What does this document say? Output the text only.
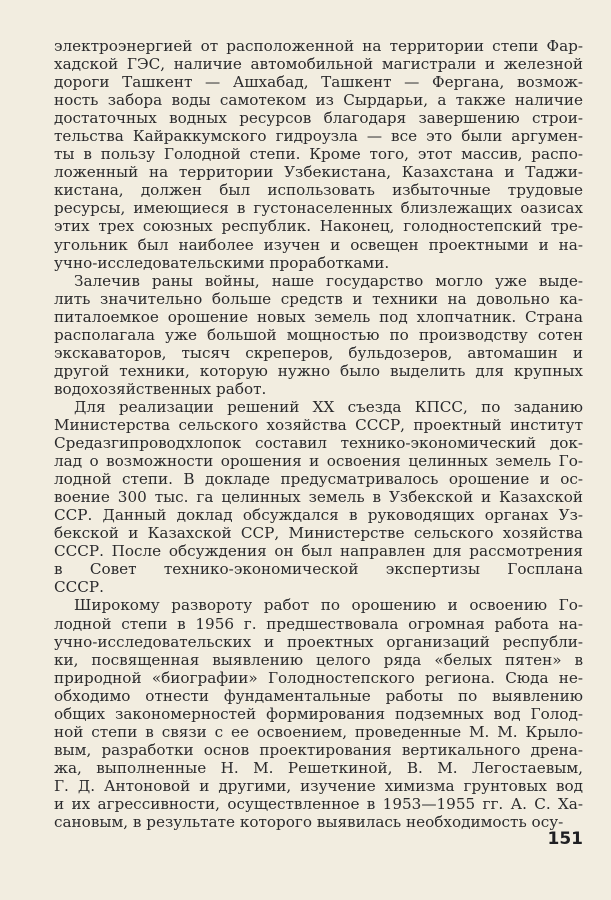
электроэнергией от расположенной на территории степи Фар-
хадской ГЭС, наличие автомобильной магистрали и железной
дороги Ташкент — Ашхабад, Ташкент — Фергана, возмож-
ность забора воды самотеком из Сырдарьи, а также наличие
достаточных водных ресурсов благодаря завершению строи-
тельства Кайраккумского гидроузла — все это были аргумен-
ты в пользу Голодной степи. Кроме того, этот массив, распо-
ложенный на территории Узбекистана, Казахстана и Таджи-
кистана, должен был использовать избыточные трудовые
ресурсы, имеющиеся в густонаселенных близлежащих оазисах
этих трех союзных республик. Наконец, голодностепский тре-
угольник был наиболее изучен и освещен проектными и на-
учно-исследовательскими проработками.
Залечив раны войны, наше государство могло уже выде-
лить значительно больше средств и техники на довольно ка-
питалоемкое орошение новых земель под хлопчатник. Страна
располагала уже большой мощностью по производству сотен
экскаваторов, тысяч скреперов, бульдозеров, автомашин и
другой техники, которую нужно было выделить для крупных
водохозяйственных работ.
Для реализации решений XX съезда КПСС, по заданию
Министерства сельского хозяйства СССР, проектный институт
Средазгипроводхлопок составил технико-экономический док-
лад о возможности орошения и освоения целинных земель Го-
лодной степи. В докладе предусматривалось орошение и ос-
воение 300 тыс. га целинных земель в Узбекской и Казахской
ССР. Данный доклад обсуждался в руководящих органах Уз-
бекской и Казахской ССР, Министерстве сельского хозяйства
СССР. После обсуждения он был направлен для рассмотрения
в Совет технико-экономической экспертизы Госплана
СССР.
Широкому развороту работ по орошению и освоению Го-
лодной степи в 1956 г. предшествовала огромная работа на-
учно-исследовательских и проектных организаций республи-
ки, посвященная выявлению целого ряда «белых пятен» в
природной «биографии» Голодностепского региона. Сюда не-
обходимо отнести фундаментальные работы по выявлению
общих закономерностей формирования подземных вод Голод-
ной степи в связи с ее освоением, проведенные М. М. Крыло-
вым, разработки основ проектирования вертикального дрена-
жа, выполненные Н. М. Решеткиной, В. М. Легостаевым,
Г. Д. Антоновой и другими, изучение химизма грунтовых вод
и их агрессивности, осуществленное в 1953—1955 гг. А. С. Ха-
сановым, в результате которого выявилась необходимость осу-
151
